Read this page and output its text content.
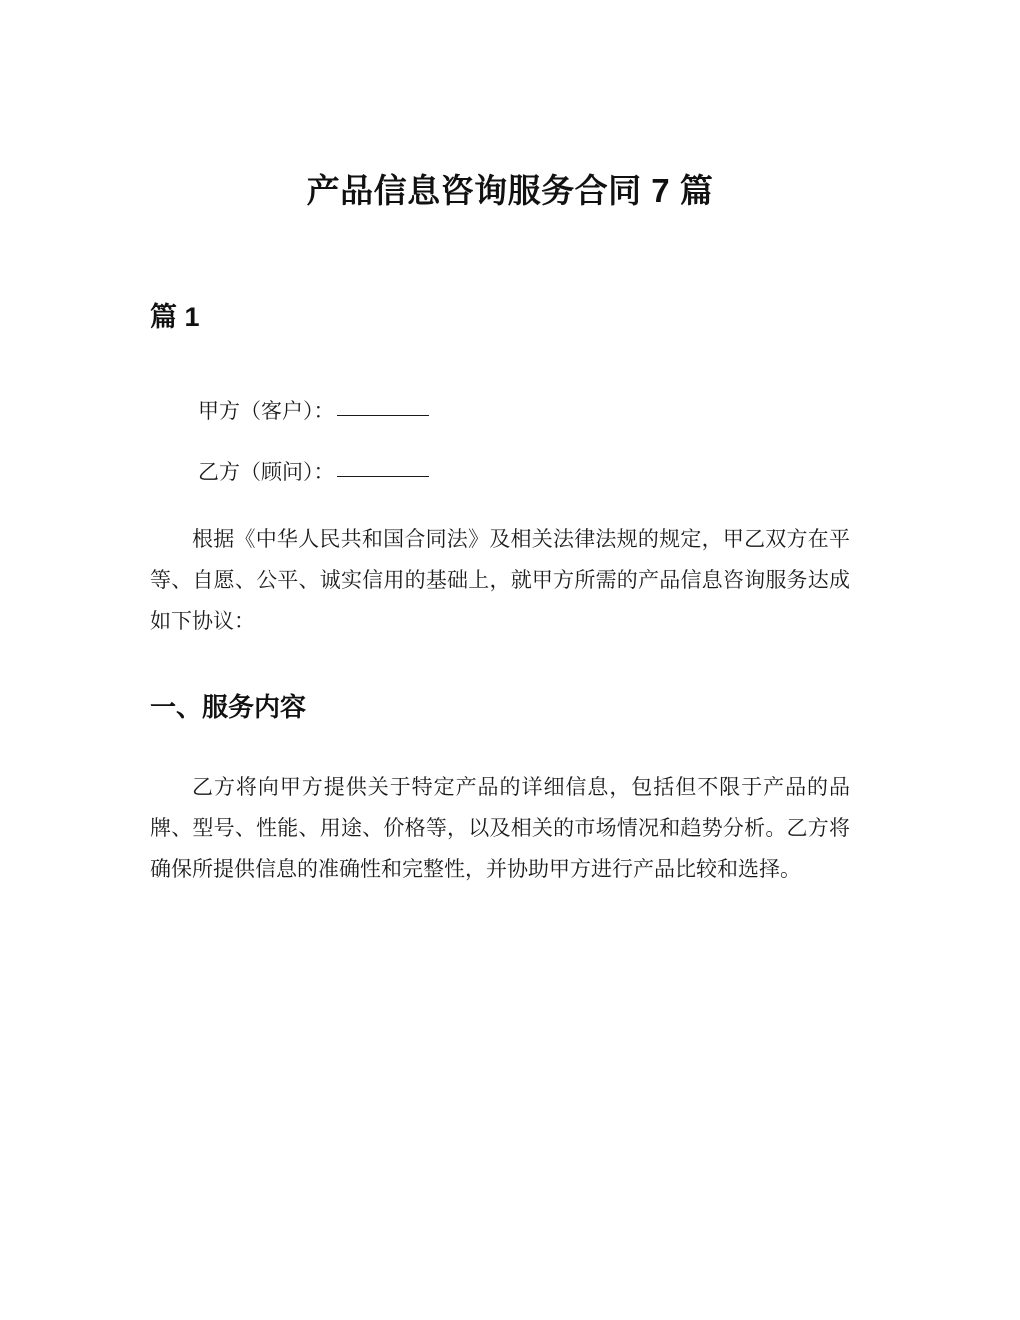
产品信息咨询服务合同 7 篇
篇 1

甲方（客户）：

乙方（顾问）：

根据《中华人民共和国合同法》及相关法律法规的规定，甲乙双方在平等、自愿、公平、诚实信用的基础上，就甲方所需的产品信息咨询服务达成如下协议：

一、服务内容

乙方将向甲方提供关于特定产品的详细信息，包括但不限于产品的品牌、型号、性能、用途、价格等，以及相关的市场情况和趋势分析。乙方将确保所提供信息的准确性和完整性，并协助甲方进行产品比较和选择。
